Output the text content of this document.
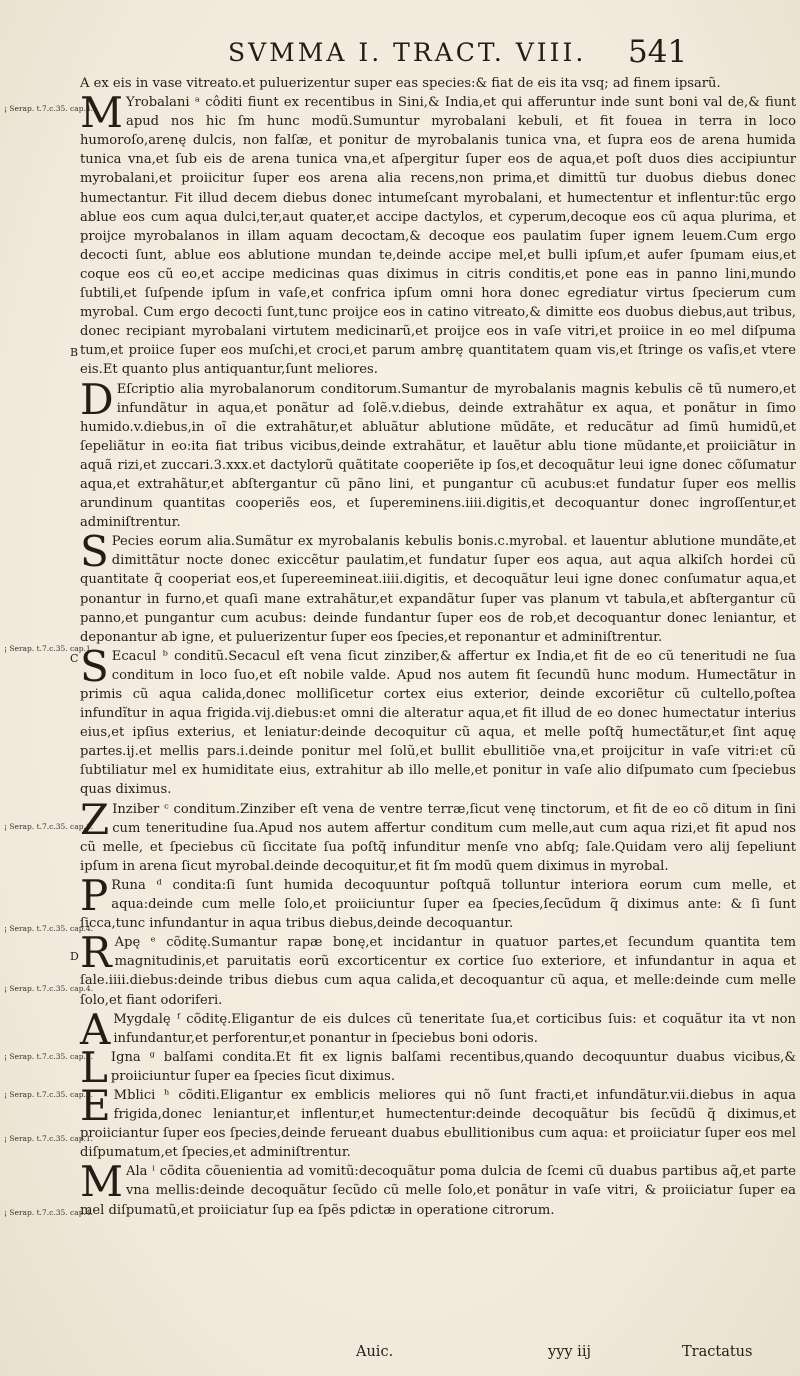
SVMMA I. TRACT. VIII. 541
¡ Serap. t.7.c.35. cap.4.
¡ Serap. t.7.c.35. cap.1.
¡ Serap. t.7.c.35. cap.1.
¡ Serap. t.7.c.35. cap.4.
¡ Serap. t.7.c.35. cap.4.
¡ Serap. t.7.c.35. cap.1.
¡ Serap. t.7.c.35. cap.1.
¡ Serap. t.7.c.35. cap.1.
¡ Serap. t.7.c.35. cap.4.
B
C
D

A ex eis in vase vitreato.et puluerizentur super eas species:& fiat de eis ita vsq; ad finem ipsarũ.

M Yrobalani ᵃ côditi fiunt ex recentibus in Sini,& India,et qui afferuntur inde sunt boni val de,& fiunt apud nos hic ſm hunc modũ.Sumuntur myrobalani kebuli, et fit fouea in terra in loco humoroſo,arenę dulcis, non falſæ, et ponitur de myrobalanis tunica vna, et ſupra eos de arena humida tunica vna,et ſub eis de arena tunica vna,et aſpergitur ſuper eos de aqua,et poſt duos dies accipiuntur myrobalani,et proiicitur ſuper eos arena alia recens,non prima,et dimittũ tur duobus diebus donec humectantur. Fit illud decem diebus donec intumeſcant myrobalani, et humectentur et inflentur:tũc ergo ablue eos cum aqua dulci,ter,aut quater,et accipe dactylos, et cyperum,decoque eos cũ aqua plurima, et proijce myrobalanos in illam aquam decoctam,& decoque eos paulatim ſuper ignem leuem.Cum ergo decocti ſunt, ablue eos ablutione mundan te,deinde accipe mel,et bulli ipſum,et aufer ſpumam eius,et coque eos cũ eo,et accipe medicinas quas diximus in citris conditis,et pone eas in panno lini,mundo ſubtili,et ſuſpende ipſum in vaſe,et confrica ipſum omni hora donec egrediatur virtus ſpecierum cum myrobal. Cum ergo decocti ſunt,tunc proijce eos in catino vitreato,& dimitte eos duobus diebus,aut tribus, donec recipiant myrobalani virtutem medicinarũ,et proijce eos in vaſe vitri,et proiice in eo mel diſpuma tum,et proiice ſuper eos muſchi,et croci,et parum ambrę quantitatem quam vis,et ſtringe os vaſis,et vtere eis.Et quanto plus antiquantur,ſunt meliores.

D Eſcriptio alia myrobalanorum conditorum.Sumantur de myrobalanis magnis kebulis cẽ tũ numero,et infundãtur in aqua,et ponãtur ad ſolẽ.v.diebus, deinde extrahãtur ex aqua, et ponãtur in ſimo humido.v.diebus,in oĩ die extrahãtur,et abluãtur ablutione mũdãte, et reducãtur ad ſimũ humidũ,et ſepeliãtur in eo:ita fiat tribus vicibus,deinde extrahãtur, et lauẽtur ablu tione mũdante,et proiiciãtur in aquã rizi,et zuccari.3.xxx.et dactylorũ quãtitate cooperiẽte ip ſos,et decoquãtur leui igne donec cõſumatur aqua,et extrahãtur,et abſtergantur cũ pãno lini, et pungantur cũ acubus:et fundatur ſuper eos mellis arundinum quantitas cooperiẽs eos, et ſupereminens.iiii.digitis,et decoquantur donec ingroſſentur,et adminiſtrentur.

S Pecies eorum alia.Sumãtur ex myrobalanis kebulis bonis.c.myrobal. et lauentur ablutione mundãte,et dimittãtur nocte donec exiccẽtur paulatim,et fundatur ſuper eos aqua, aut aqua alkiſch hordei cũ quantitate q̃ cooperiat eos,et ſupereemineat.iiii.digitis, et decoquãtur leui igne donec conſumatur aqua,et ponantur in furno,et quaſi mane extrahãtur,et expandãtur ſuper vas planum vt tabula,et abſtergantur cũ panno,et pungantur cum acubus: deinde fundantur ſuper eos de rob,et decoquantur donec leniantur, et deponantur ab igne, et puluerizentur ſuper eos ſpecies,et reponantur et adminiſtrentur.

S Ecacul ᵇ conditũ.Secacul eſt vena ſicut zinziber,& affertur ex India,et fit de eo cũ teneritudi ne ſua conditum in loco ſuo,et eſt nobile valde. Apud nos autem fit ſecundũ hunc modum. Humectãtur in primis cũ aqua calida,donec molliſicetur cortex eius exterior, deinde excoriẽtur cũ cultello,poſtea infundĩtur in aqua frigida.vij.diebus:et omni die alteratur aqua,et fit illud de eo donec humectatur interius eius,et ipſius exterius, et leniatur:deinde decoquitur cũ aqua, et melle poſtq̃ humectãtur,et ſint aquę partes.ij.et mellis pars.i.deinde ponitur mel ſolũ,et bullit ebullitiõe vna,et proijcitur in vaſe vitri:et cũ ſubtiliatur mel ex humiditate eius, extrahitur ab illo melle,et ponitur in vaſe alio diſpumato cum ſpeciebus quas diximus.

Z Inziber ᶜ conditum.Zinziber eſt vena de ventre terræ,ſicut venę tinctorum, et fit de eo cõ ditum in ſini cum teneritudine ſua.Apud nos autem affertur conditum cum melle,aut cum aqua rizi,et fit apud nos cũ melle, et ſpeciebus cũ ſiccitate ſua poſtq̃ infunditur menſe vno abſq; ſale.Quidam vero alij ſepeliunt ipſum in arena ſicut myrobal.deinde decoquitur,et fit ſm modũ quem diximus in myrobal.

P Runa ᵈ condita:ſi ſunt humida decoquuntur poſtquã tolluntur interiora eorum cum melle, et aqua:deinde cum melle ſolo,et proiiciuntur ſuper ea ſpecies,ſecũdum q̃ diximus ante: & ſi ſunt ſicca,tunc infundantur in aqua tribus diebus,deinde decoquantur.

R Apę ᵉ cõditę.Sumantur rapæ bonę,et incidantur in quatuor partes,et ſecundum quantita tem magnitudinis,et paruitatis eorũ excorticentur ex cortice ſuo exteriore, et infundantur in aqua et ſale.iiii.diebus:deinde tribus diebus cum aqua calida,et decoquantur cũ aqua, et melle:deinde cum melle ſolo,et fiant odoriferi.

A Mygdalę ᶠ cõditę.Eligantur de eis dulces cũ teneritate ſua,et corticibus ſuis: et coquãtur ita vt non infundantur,et perforentur,et ponantur in ſpeciebus boni odoris.

L Igna ᵍ balſami condita.Et fit ex lignis balſami recentibus,quando decoquuntur duabus vicibus,& proiiciuntur ſuper ea ſpecies ſicut diximus.

E Mblici ʰ cõditi.Eligantur ex emblicis meliores qui nõ ſunt fracti,et infundãtur.vii.diebus in aqua frigida,donec leniantur,et inflentur,et humectentur:deinde decoquãtur bis ſecũdũ q̃ diximus,et proiiciantur ſuper eos ſpecies,deinde ferueant duabus ebullitionibus cum aqua: et proiiciatur ſuper eos mel diſpumatum,et ſpecies,et adminiſtrentur.

M Ala ⁱ cõdita cõuenientia ad vomitũ:decoquãtur poma dulcia de ſcemi cũ duabus partibus aq̃,et parte vna mellis:deinde decoquãtur ſecũdo cũ melle ſolo,et ponãtur in vaſe vitri, & proiiciatur ſuper ea mel diſpumatũ,et proiiciatur ſup ea ſpẽs pdictæ in operatione citrorum.

Auic.	yyy iij	Tractatus
